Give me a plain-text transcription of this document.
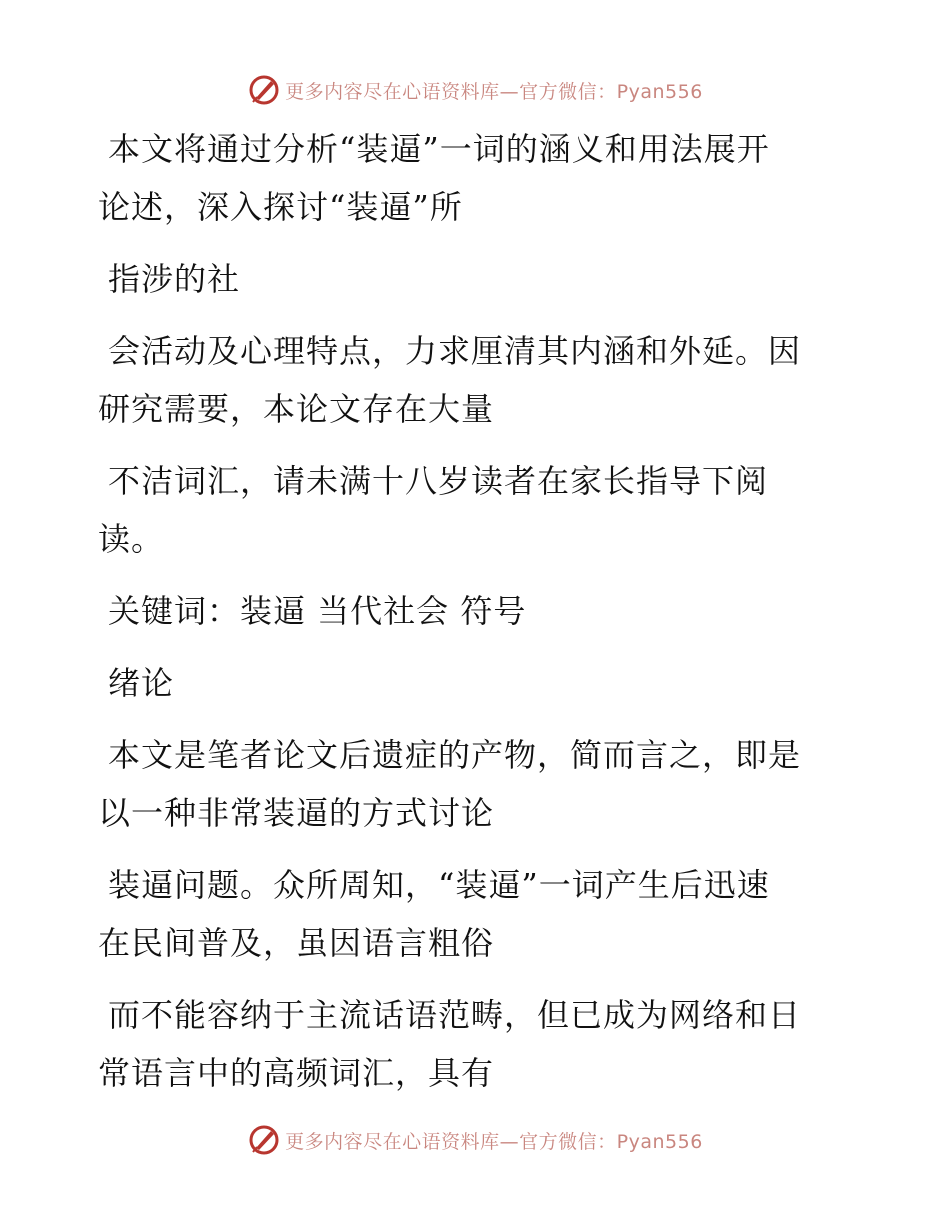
更多内容尽在心语资料库—官方微信：Pyan556

本文将通过分析“装逼”一词的涵义和用法展开
论述，深入探讨“装逼”所

指涉的社

会活动及心理特点，力求厘清其内涵和外延。因
研究需要，本论文存在大量

不洁词汇，请未满十八岁读者在家长指导下阅
读。

关键词：装逼 当代社会 符号

绪论

本文是笔者论文后遗症的产物，简而言之，即是
以一种非常装逼的方式讨论

装逼问题。众所周知，“装逼”一词产生后迅速
在民间普及，虽因语言粗俗

而不能容纳于主流话语范畴，但已成为网络和日
常语言中的高频词汇，具有

更多内容尽在心语资料库—官方微信：Pyan556
